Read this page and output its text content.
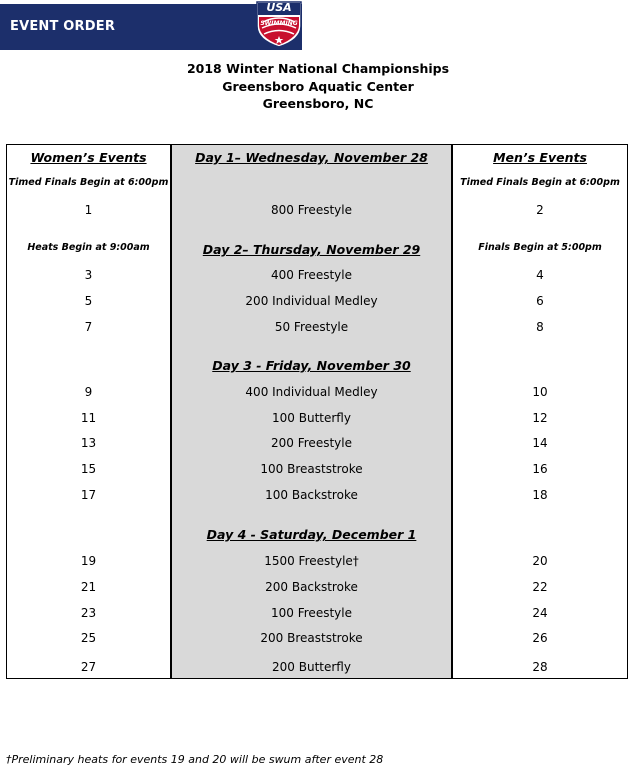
EVENT ORDER
USA
SWIMMING
2018 Winter National Championships
Greensboro Aquatic Center
Greensboro, NC
Women’s Events
Timed Finals Begin at 6:00pm
1
Heats Begin at 9:00am
3
5
7
9
11
13
15
17
19
21
23
25
27
Day 1– Wednesday, November 28
800 Freestyle
Day 2– Thursday, November 29
400 Freestyle
200 Individual Medley
50 Freestyle
Day 3 - Friday, November 30
400 Individual Medley
100 Butterfly
200 Freestyle
100 Breaststroke
100 Backstroke
Day 4 - Saturday, December 1
1500 Freestyle†
200 Backstroke
100 Freestyle
200 Breaststroke
200 Butterfly
Men’s Events
Timed Finals Begin at 6:00pm
2
Finals Begin at 5:00pm
4
6
8
10
12
14
16
18
20
22
24
26
28
†Preliminary heats for events 19 and 20 will be swum after event 28
